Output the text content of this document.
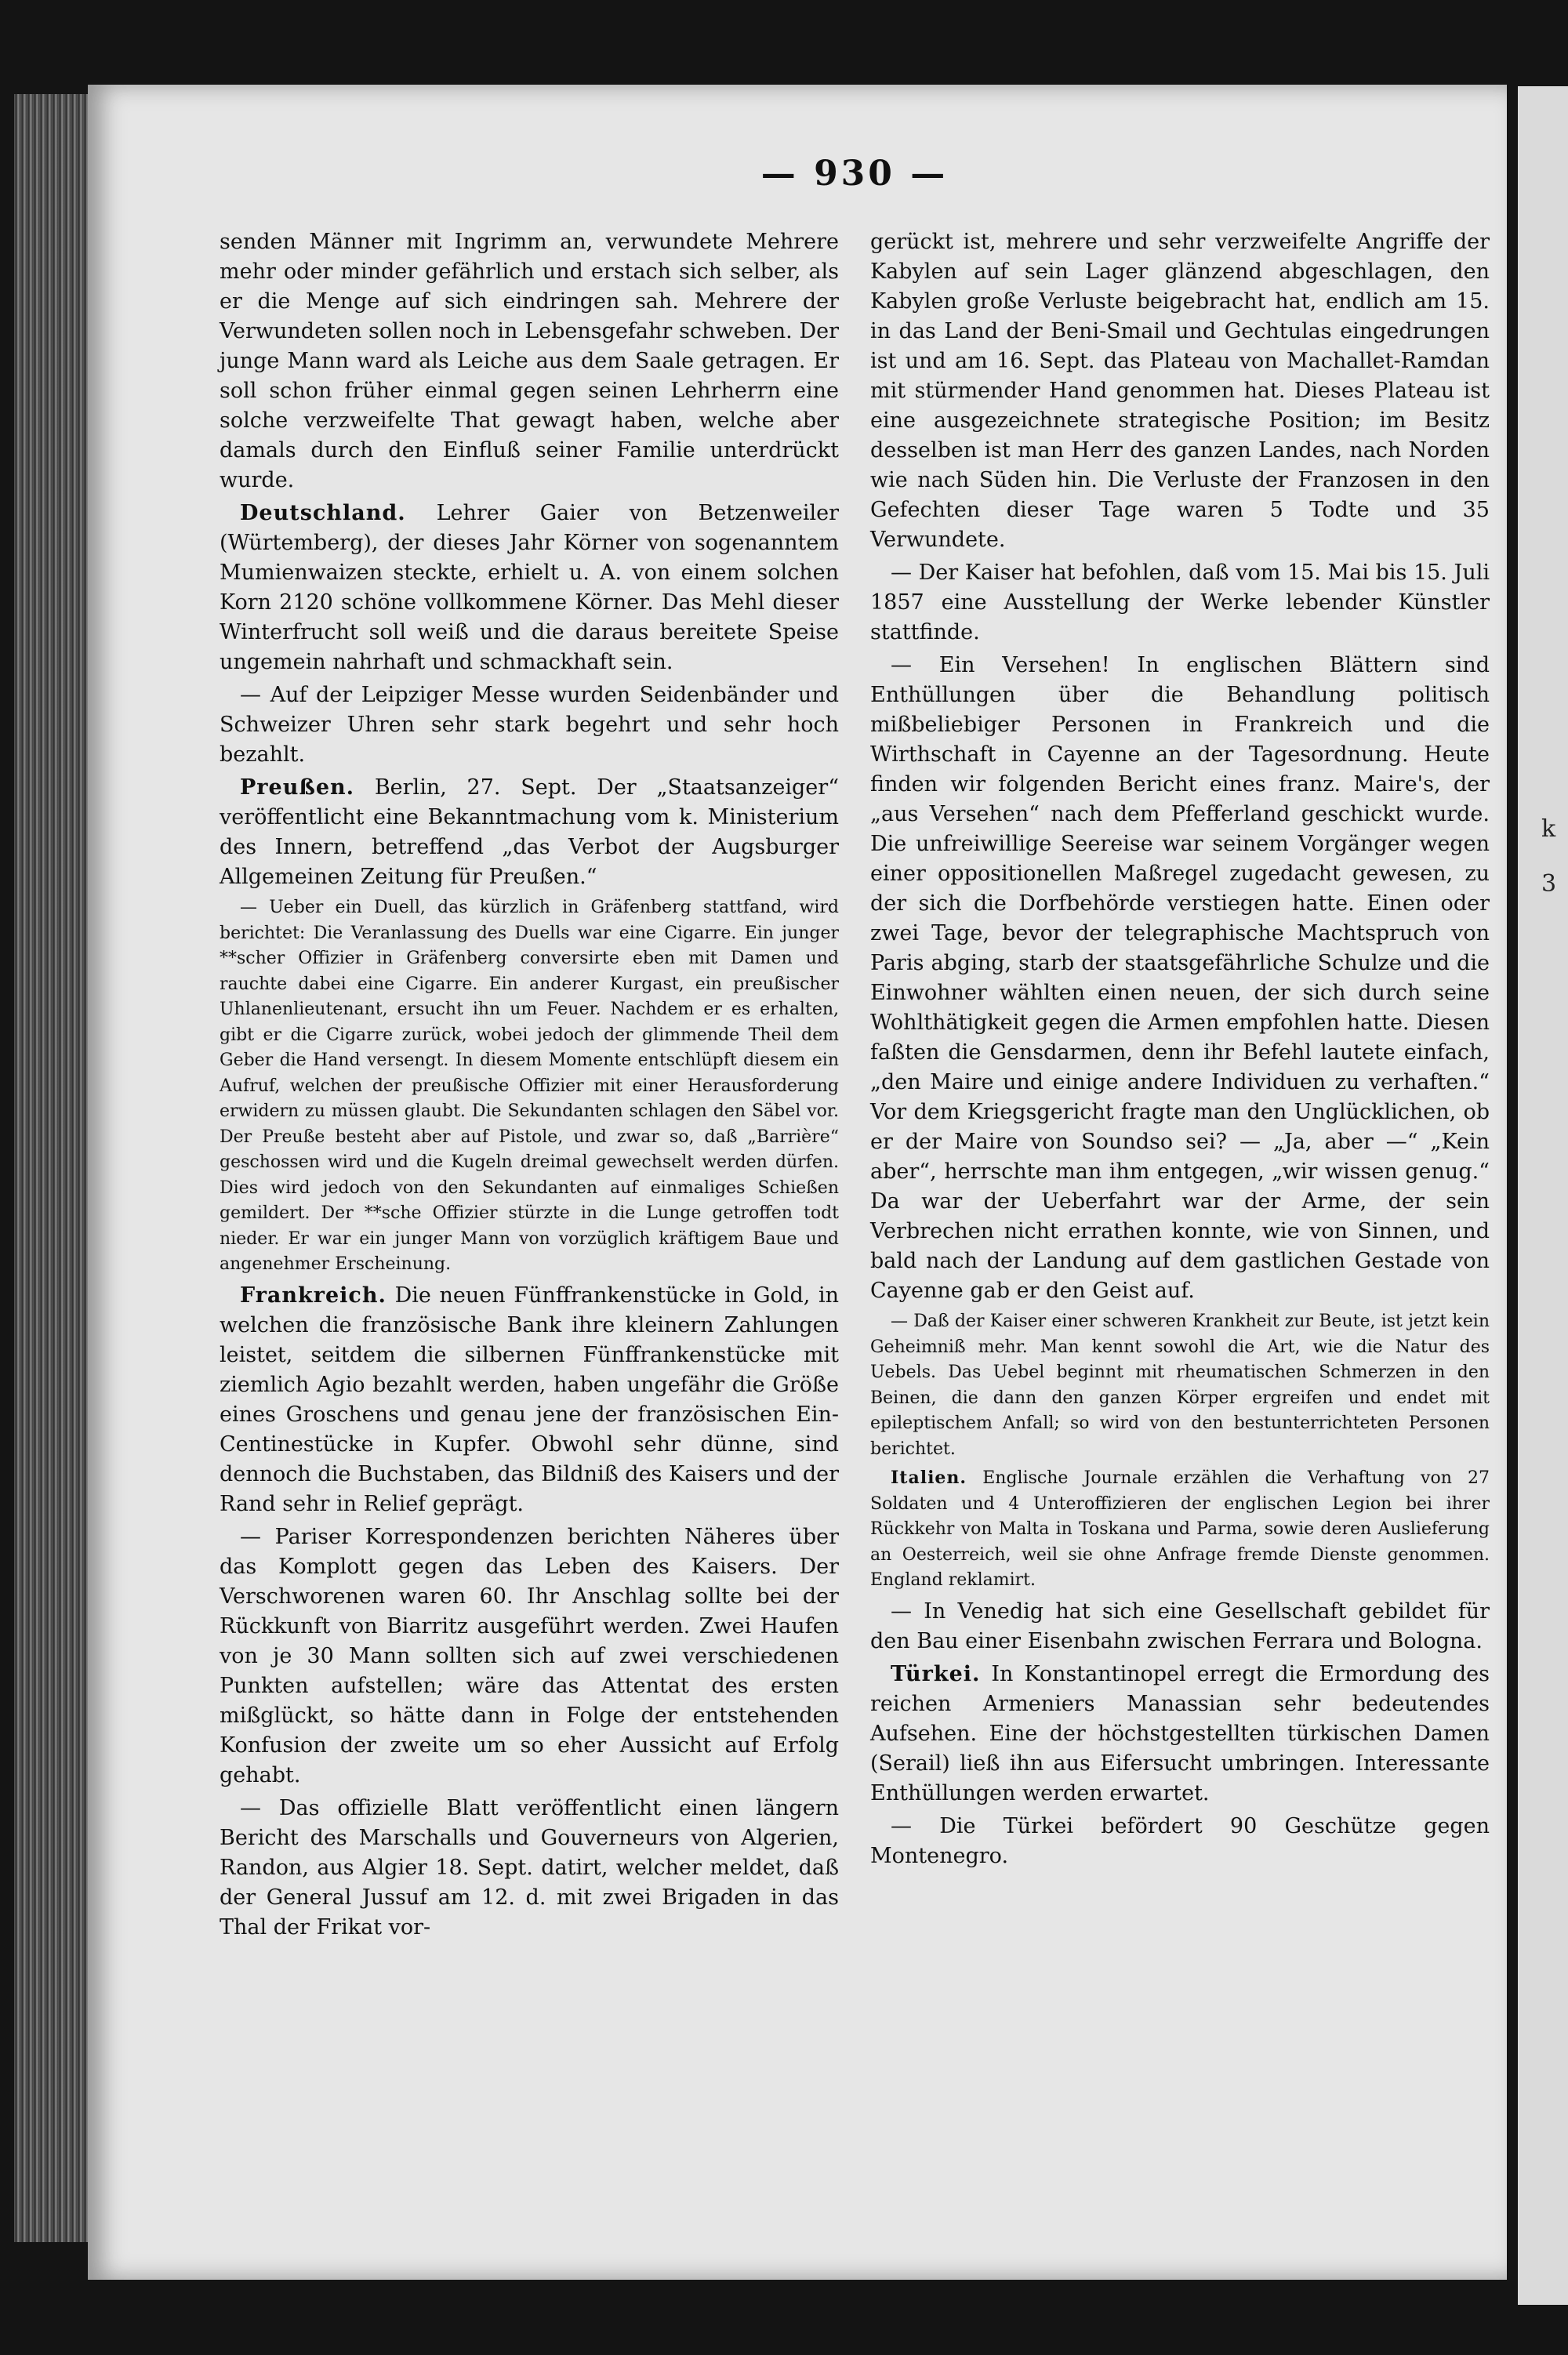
k
3
— 930 —

senden Männer mit Ingrimm an, verwundete Mehrere mehr oder minder gefährlich und erstach sich selber, als er die Menge auf sich eindringen sah. Mehrere der Verwundeten sollen noch in Lebensgefahr schweben. Der junge Mann ward als Leiche aus dem Saale getragen. Er soll schon früher einmal gegen seinen Lehrherrn eine solche verzweifelte That gewagt haben, welche aber damals durch den Einfluß seiner Familie unterdrückt wurde.

Deutschland. Lehrer Gaier von Betzenweiler (Würtemberg), der dieses Jahr Körner von sogenanntem Mumienwaizen steckte, erhielt u. A. von einem solchen Korn 2120 schöne vollkommene Körner. Das Mehl dieser Winterfrucht soll weiß und die daraus bereitete Speise ungemein nahrhaft und schmackhaft sein.

— Auf der Leipziger Messe wurden Seidenbänder und Schweizer Uhren sehr stark begehrt und sehr hoch bezahlt.

Preußen. Berlin, 27. Sept. Der „Staatsanzeiger“ veröffentlicht eine Bekanntmachung vom k. Ministerium des Innern, betreffend „das Verbot der Augsburger Allgemeinen Zeitung für Preußen.“

— Ueber ein Duell, das kürzlich in Gräfenberg stattfand, wird berichtet: Die Veranlassung des Duells war eine Cigarre. Ein junger **scher Offizier in Gräfenberg conversirte eben mit Damen und rauchte dabei eine Cigarre. Ein anderer Kurgast, ein preußischer Uhlanenlieutenant, ersucht ihn um Feuer. Nachdem er es erhalten, gibt er die Cigarre zurück, wobei jedoch der glimmende Theil dem Geber die Hand versengt. In diesem Momente entschlüpft diesem ein Aufruf, welchen der preußische Offizier mit einer Herausforderung erwidern zu müssen glaubt. Die Sekundanten schlagen den Säbel vor. Der Preuße besteht aber auf Pistole, und zwar so, daß „Barrière“ geschossen wird und die Kugeln dreimal gewechselt werden dürfen. Dies wird jedoch von den Sekundanten auf einmaliges Schießen gemildert. Der **sche Offizier stürzte in die Lunge getroffen todt nieder. Er war ein junger Mann von vorzüglich kräftigem Baue und angenehmer Erscheinung.

Frankreich. Die neuen Fünffrankenstücke in Gold, in welchen die französische Bank ihre kleinern Zahlungen leistet, seitdem die silbernen Fünffrankenstücke mit ziemlich Agio bezahlt werden, haben ungefähr die Größe eines Groschens und genau jene der französischen Ein-Centinestücke in Kupfer. Obwohl sehr dünne, sind dennoch die Buchstaben, das Bildniß des Kaisers und der Rand sehr in Relief geprägt.

— Pariser Korrespondenzen berichten Näheres über das Komplott gegen das Leben des Kaisers. Der Verschworenen waren 60. Ihr Anschlag sollte bei der Rückkunft von Biarritz ausgeführt werden. Zwei Haufen von je 30 Mann sollten sich auf zwei verschiedenen Punkten aufstellen; wäre das Attentat des ersten mißglückt, so hätte dann in Folge der entstehenden Konfusion der zweite um so eher Aussicht auf Erfolg gehabt.

— Das offizielle Blatt veröffentlicht einen längern Bericht des Marschalls und Gouverneurs von Algerien, Randon, aus Algier 18. Sept. datirt, welcher meldet, daß der General Jussuf am 12. d. mit zwei Brigaden in das Thal der Frikat vor-

gerückt ist, mehrere und sehr verzweifelte Angriffe der Kabylen auf sein Lager glänzend abgeschlagen, den Kabylen große Verluste beigebracht hat, endlich am 15. in das Land der Beni-Smail und Gechtulas eingedrungen ist und am 16. Sept. das Plateau von Machallet-Ramdan mit stürmender Hand genommen hat. Dieses Plateau ist eine ausgezeichnete strategische Position; im Besitz desselben ist man Herr des ganzen Landes, nach Norden wie nach Süden hin. Die Verluste der Franzosen in den Gefechten dieser Tage waren 5 Todte und 35 Verwundete.

— Der Kaiser hat befohlen, daß vom 15. Mai bis 15. Juli 1857 eine Ausstellung der Werke lebender Künstler stattfinde.

— Ein Versehen! In englischen Blättern sind Enthüllungen über die Behandlung politisch mißbeliebiger Personen in Frankreich und die Wirthschaft in Cayenne an der Tagesordnung. Heute finden wir folgenden Bericht eines franz. Maire's, der „aus Versehen“ nach dem Pfefferland geschickt wurde. Die unfreiwillige Seereise war seinem Vorgänger wegen einer oppositionellen Maßregel zugedacht gewesen, zu der sich die Dorfbehörde verstiegen hatte. Einen oder zwei Tage, bevor der telegraphische Machtspruch von Paris abging, starb der staatsgefährliche Schulze und die Einwohner wählten einen neuen, der sich durch seine Wohlthätigkeit gegen die Armen empfohlen hatte. Diesen faßten die Gensdarmen, denn ihr Befehl lautete einfach, „den Maire und einige andere Individuen zu verhaften.“ Vor dem Kriegsgericht fragte man den Unglücklichen, ob er der Maire von Soundso sei? — „Ja, aber —“ „Kein aber“, herrschte man ihm entgegen, „wir wissen genug.“ Da war der Ueberfahrt war der Arme, der sein Verbrechen nicht errathen konnte, wie von Sinnen, und bald nach der Landung auf dem gastlichen Gestade von Cayenne gab er den Geist auf.

— Daß der Kaiser einer schweren Krankheit zur Beute, ist jetzt kein Geheimniß mehr. Man kennt sowohl die Art, wie die Natur des Uebels. Das Uebel beginnt mit rheumatischen Schmerzen in den Beinen, die dann den ganzen Körper ergreifen und endet mit epileptischem Anfall; so wird von den bestunterrichteten Personen berichtet.

Italien. Englische Journale erzählen die Verhaftung von 27 Soldaten und 4 Unteroffizieren der englischen Legion bei ihrer Rückkehr von Malta in Toskana und Parma, sowie deren Auslieferung an Oesterreich, weil sie ohne Anfrage fremde Dienste genommen. England reklamirt.

— In Venedig hat sich eine Gesellschaft gebildet für den Bau einer Eisenbahn zwischen Ferrara und Bologna.

Türkei. In Konstantinopel erregt die Ermordung des reichen Armeniers Manassian sehr bedeutendes Aufsehen. Eine der höchstgestellten türkischen Damen (Serail) ließ ihn aus Eifersucht umbringen. Interessante Enthüllungen werden erwartet.

— Die Türkei befördert 90 Geschütze gegen Montenegro.
